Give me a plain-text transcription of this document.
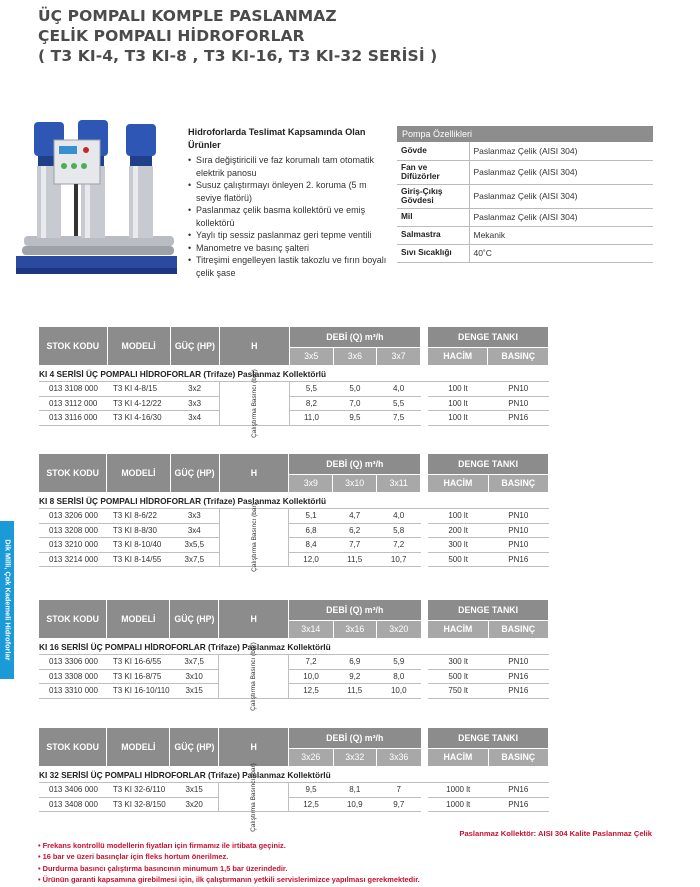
ÜÇ POMPALI KOMPLE PASLANMAZ
ÇELİK POMPALI HİDROFORLAR
( T3 KI-4, T3 KI-8 , T3 KI-16, T3 KI-32 SERİSİ )
Hidroforlarda Teslimat Kapsamında Olan Ürünler
• Sıra değiştiricili ve faz korumalı tam otomatik elektrik panosu
• Susuz çalıştırmayı önleyen 2. koruma (5 m seviye flatörü)
• Paslanmaz çelik basma kollektörü ve emiş kollektörü
• Yaylı tip sessiz paslanmaz geri tepme ventili
• Manometre ve basınç şalteri
• Titreşimi engelleyen lastik takozlu ve fırın boyalı çelik şase
Pompa Özellikleri	
Gövde	Paslanmaz Çelik (AISI 304)
Fan ve Difüzörler	Paslanmaz Çelik (AISI 304)
Giriş-Çıkış Gövdesi	Paslanmaz Çelik (AISI 304)
Mil	Paslanmaz Çelik (AISI 304)
Salmastra	Mekanik
Sıvı Sıcaklığı	40˚C
STOK KODU	MODELİ	GÜÇ (HP)	H	DEBİ (Q) m³/h				DENGE TANKI	
				3x5	3x6	3x7		HACİM	BASINÇ
KI 4 SERİSİ ÜÇ POMPALI HİDROFORLAR (Trifaze) Paslanmaz Kollektörlü									
013 3108 000	T3 KI 4-8/15	3x2	Çalıştırma Basıncı (bar)	5,5	5,0	4,0		100 lt	PN10
013 3112 000	T3 KI 4-12/22	3x3		8,2	7,0	5,5		100 lt	PN10
013 3116 000	T3 KI 4-16/30	3x4		11,0	9,5	7,5		100 lt	PN16
STOK KODU	MODELİ	GÜÇ (HP)	H	DEBİ (Q) m³/h				DENGE TANKI	
				3x9	3x10	3x11		HACİM	BASINÇ
KI 8 SERİSİ ÜÇ POMPALI HİDROFORLAR (Trifaze) Paslanmaz Kollektörlü									
013 3206 000	T3 KI 8-6/22	3x3	Çalıştırma Basıncı (bar)	5,1	4,7	4,0		100 lt	PN10
013 3208 000	T3 KI 8-8/30	3x4		6,8	6,2	5,8		200 lt	PN10
013 3210 000	T3 KI 8-10/40	3x5,5		8,4	7,7	7,2		300 lt	PN10
013 3214 000	T3 KI 8-14/55	3x7,5		12,0	11,5	10,7		500 lt	PN16
STOK KODU	MODELİ	GÜÇ (HP)	H	DEBİ (Q) m³/h				DENGE TANKI	
				3x14	3x16	3x20		HACİM	BASINÇ
KI 16 SERİSİ ÜÇ POMPALI HİDROFORLAR (Trifaze) Paslanmaz Kollektörlü									
013 3306 000	T3 KI 16-6/55	3x7,5	Çalıştırma Basıncı (bar)	7,2	6,9	5,9		300 lt	PN10
013 3308 000	T3 KI 16-8/75	3x10		10,0	9,2	8,0		500 lt	PN16
013 3310 000	T3 KI 16-10/110	3x15		12,5	11,5	10,0		750 lt	PN16
STOK KODU	MODELİ	GÜÇ (HP)	H	DEBİ (Q) m³/h				DENGE TANKI	
				3x26	3x32	3x36		HACİM	BASINÇ
KI 32 SERİSİ ÜÇ POMPALI HİDROFORLAR (Trifaze) Paslanmaz Kollektörlü									
013 3406 000	T3 KI 32-6/110	3x15	Çalıştırma Basıncı (bar)	9,5	8,1	7		1000 lt	PN16
013 3408 000	T3 KI 32-8/150	3x20		12,5	10,9	9,7		1000 lt	PN16
Dik Milli, Çok Kademeli Hidroforlar
Paslanmaz Kollektör: AISI 304 Kalite Paslanmaz Çelik
• Frekans kontrollü modellerin fiyatları için firmamız ile irtibata geçiniz.
• 16 bar ve üzeri basınçlar için fleks hortum önerilmez.
• Durdurma basıncı çalıştırma basıncının minumum 1,5 bar üzerindedir.
• Ürünün garanti kapsamına girebilmesi için, ilk çalıştırmanın yetkili servislerimizce yapılması gerekmektedir.
